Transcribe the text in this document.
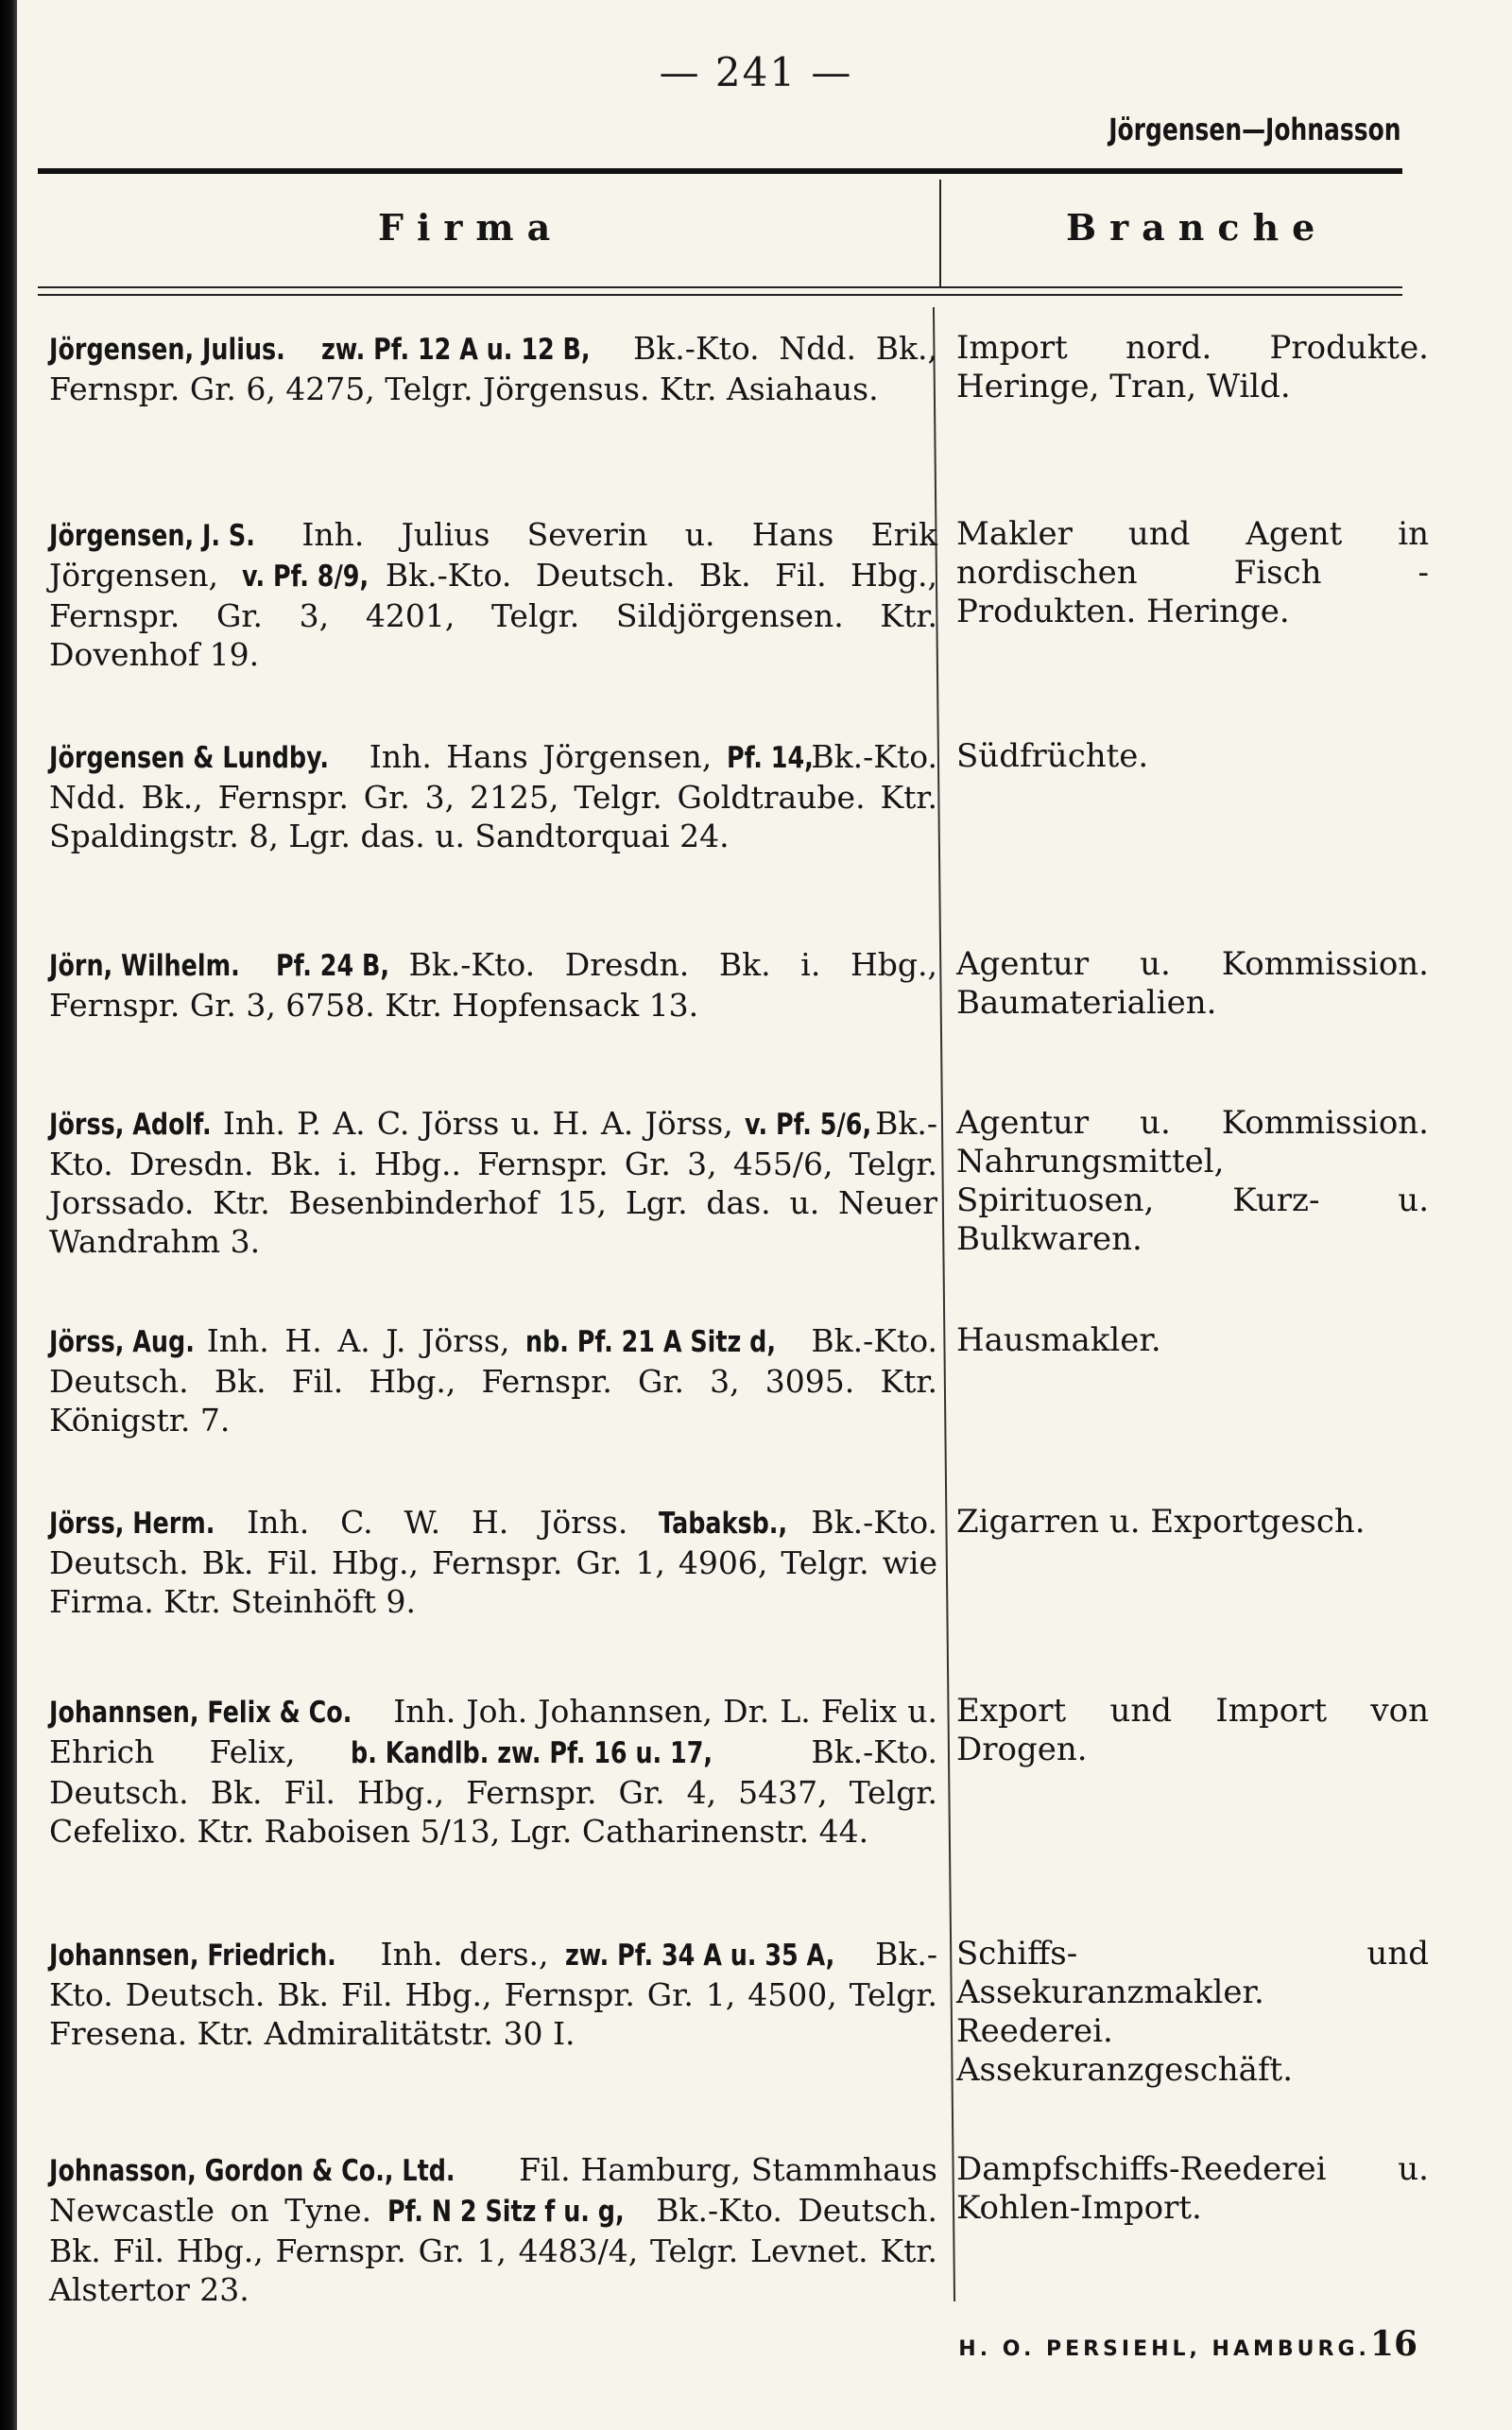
— 241 —
Jörgensen—Johnasson
Firma	Branche
Jörgensen, Julius. zw. Pf. 12 A u. 12 B, Bk.-Kto. Ndd. Bk., Fernspr. Gr. 6, 4275, Telgr. Jörgensus. Ktr. Asiahaus.
Import nord. Produkte. Heringe, Tran, Wild.
Jörgensen, J. S. Inh. Julius Severin u. Hans Erik Jörgensen, v. Pf. 8/9, Bk.-Kto. Deutsch. Bk. Fil. Hbg., Fernspr. Gr. 3, 4201, Telgr. Sildjörgensen. Ktr. Dovenhof 19.
Makler und Agent in nordischen Fisch - Produkten. Heringe.
Jörgensen & Lundby. Inh. Hans Jörgensen, Pf. 14, Bk.-Kto. Ndd. Bk., Fernspr. Gr. 3, 2125, Telgr. Goldtraube. Ktr. Spaldingstr. 8, Lgr. das. u. Sandtorquai 24.
Südfrüchte.
Jörn, Wilhelm. Pf. 24 B, Bk.-Kto. Dresdn. Bk. i. Hbg., Fernspr. Gr. 3, 6758. Ktr. Hopfensack 13.
Agentur u. Kommission. Baumaterialien.
Jörss, Adolf. Inh. P. A. C. Jörss u. H. A. Jörss, v. Pf. 5/6, Bk.-Kto. Dresdn. Bk. i. Hbg.. Fernspr. Gr. 3, 455/6, Telgr. Jorssado. Ktr. Besenbinderhof 15, Lgr. das. u. Neuer Wandrahm 3.
Agentur u. Kommission. Nahrungsmittel, Spirituosen, Kurz- u. Bulkwaren.
Jörss, Aug. Inh. H. A. J. Jörss, nb. Pf. 21 A Sitz d, Bk.-Kto. Deutsch. Bk. Fil. Hbg., Fernspr. Gr. 3, 3095. Ktr. Königstr. 7.
Hausmakler.
Jörss, Herm. Inh. C. W. H. Jörss. Tabaksb., Bk.-Kto. Deutsch. Bk. Fil. Hbg., Fernspr. Gr. 1, 4906, Telgr. wie Firma. Ktr. Steinhöft 9.
Zigarren u. Exportgesch.
Johannsen, Felix & Co. Inh. Joh. Johannsen, Dr. L. Felix u. Ehrich Felix, b. Kandlb. zw. Pf. 16 u. 17, Bk.-Kto. Deutsch. Bk. Fil. Hbg., Fernspr. Gr. 4, 5437, Telgr. Cefelixo. Ktr. Raboisen 5/13, Lgr. Catharinenstr. 44.
Export und Import von Drogen.
Johannsen, Friedrich. Inh. ders., zw. Pf. 34 A u. 35 A, Bk.-Kto. Deutsch. Bk. Fil. Hbg., Fernspr. Gr. 1, 4500, Telgr. Fresena. Ktr. Admiralitätstr. 30 I.
Schiffs- und Assekuranzmakler. Reederei. Assekuranzgeschäft.
Johnasson, Gordon & Co., Ltd. Fil. Hamburg, Stammhaus Newcastle on Tyne. Pf. N 2 Sitz f u. g, Bk.-Kto. Deutsch. Bk. Fil. Hbg., Fernspr. Gr. 1, 4483/4, Telgr. Levnet. Ktr. Alstertor 23.
Dampfschiffs-Reederei u. Kohlen-Import.
H. O. PERSIEHL, HAMBURG.16
